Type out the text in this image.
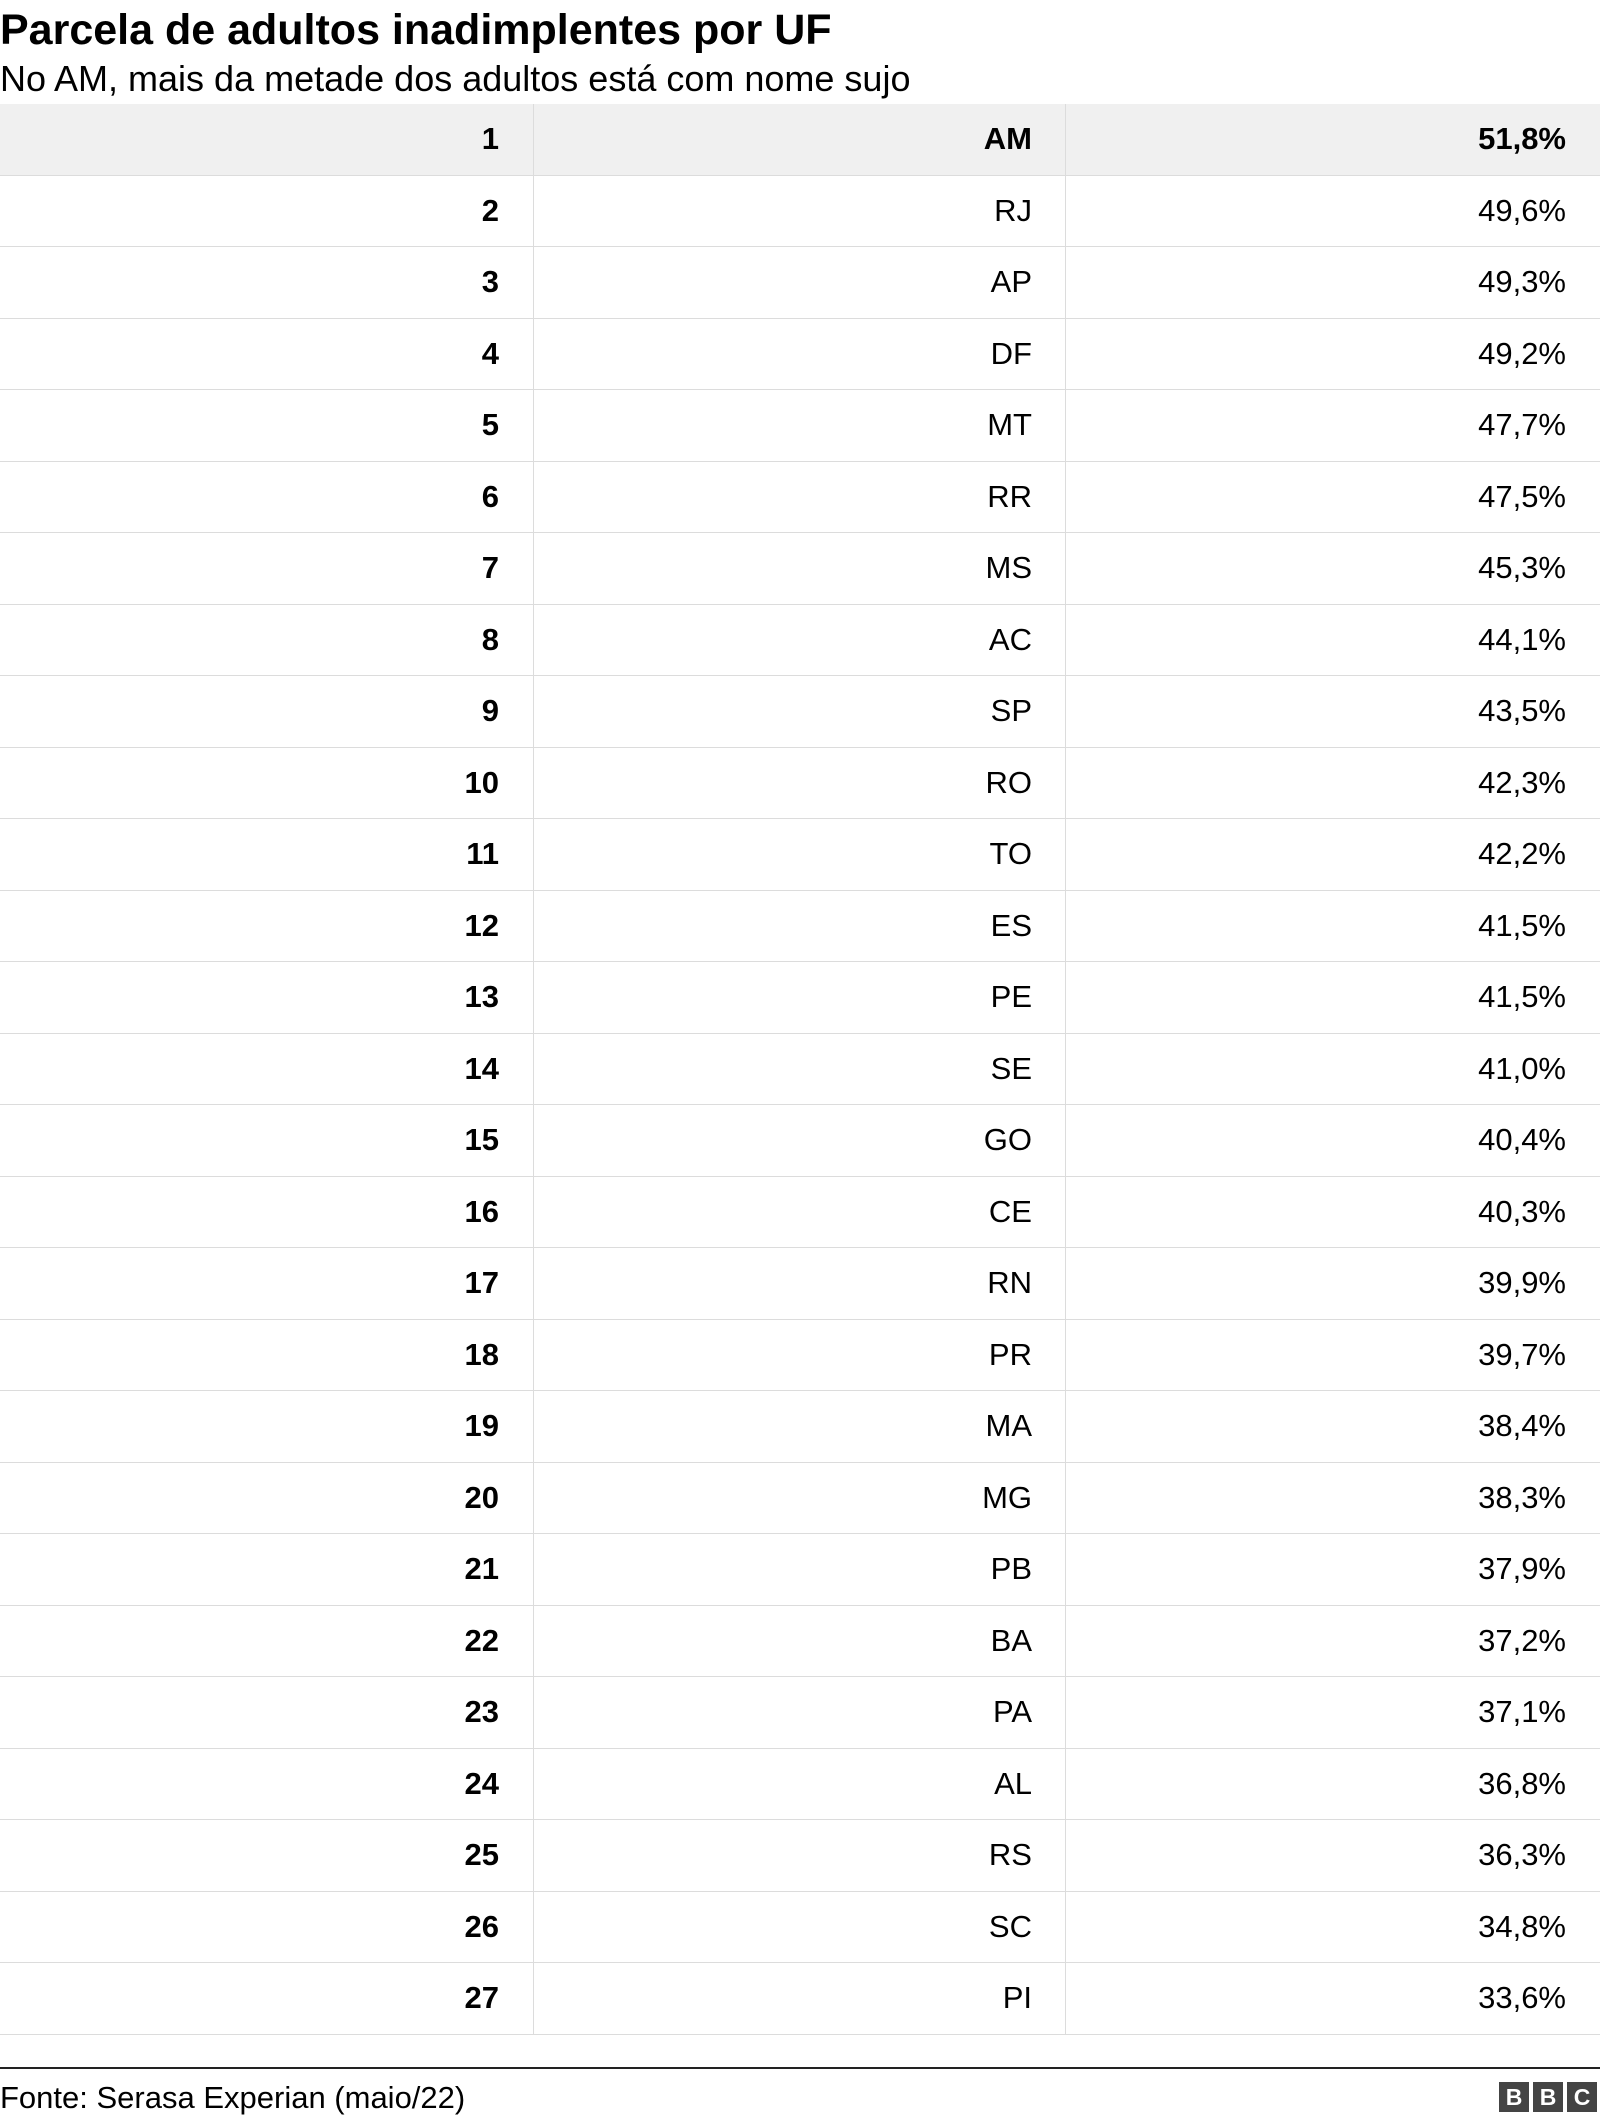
Parcela de adultos inadimplentes por UF
No AM, mais da metade dos adultos está com nome sujo
1	AM	51,8%
2	RJ	49,6%
3	AP	49,3%
4	DF	49,2%
5	MT	47,7%
6	RR	47,5%
7	MS	45,3%
8	AC	44,1%
9	SP	43,5%
10	RO	42,3%
11	TO	42,2%
12	ES	41,5%
13	PE	41,5%
14	SE	41,0%
15	GO	40,4%
16	CE	40,3%
17	RN	39,9%
18	PR	39,7%
19	MA	38,4%
20	MG	38,3%
21	PB	37,9%
22	BA	37,2%
23	PA	37,1%
24	AL	36,8%
25	RS	36,3%
26	SC	34,8%
27	PI	33,6%
Fonte: Serasa Experian (maio/22)	B B C
